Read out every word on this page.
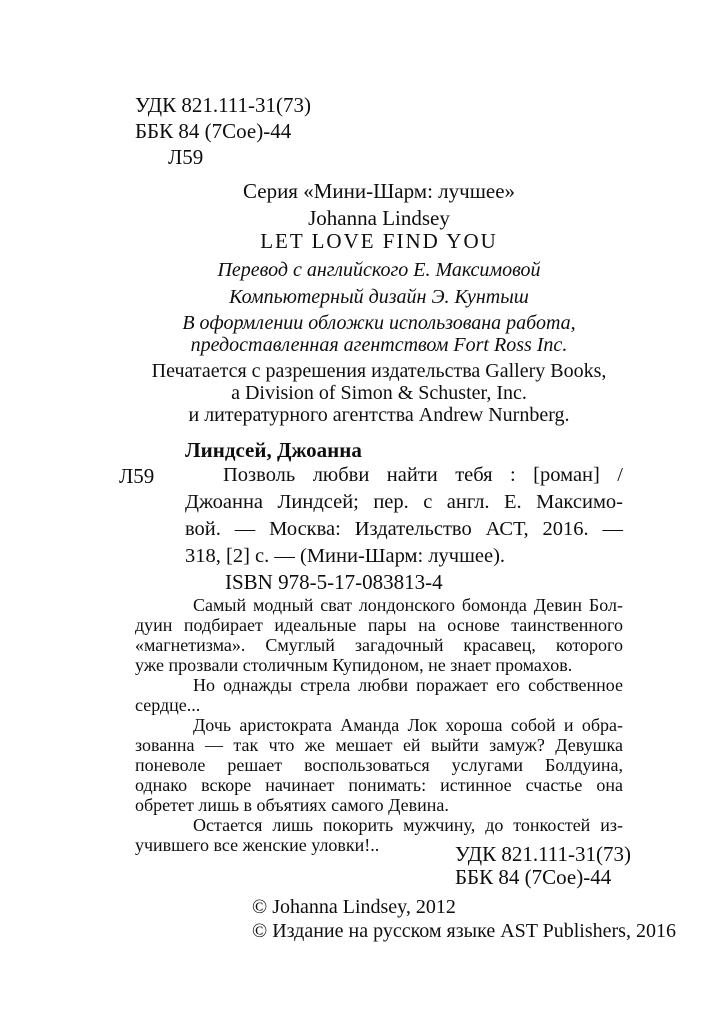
УДК 821.111-31(73)
ББК 84 (7Сое)-44
Л59
Серия «Мини-Шарм: лучшее»
Johanna Lindsey
LET LOVE FIND YOU
Перевод с английского Е. Максимовой
Компьютерный дизайн Э. Кунтыш
В оформлении обложки использована работа,
предоставленная агентством Fort Ross Inc.
Печатается с разрешения издательства Gallery Books,
a Division of Simon & Schuster, Inc.
и литературного агентства Andrew Nurnberg.
Линдсей, Джоанна
Л59	Позволь любви найти тебя : [роман] /
Джоанна Линдсей; пер. с англ. Е. Максимо-
вой. — Москва: Издательство АСТ, 2016. —
318, [2] с. — (Мини-Шарм: лучшее).
ISBN 978-5-17-083813-4
Самый модный сват лондонского бомонда Девин Бол-
дуин подбирает идеальные пары на основе таинственного
«магнетизма». Смуглый загадочный красавец, которого
уже прозвали столичным Купидоном, не знает промахов.
Но однажды стрела любви поражает его собственное
сердце...
Дочь аристократа Аманда Лок хороша собой и обра-
зованна — так что же мешает ей выйти замуж? Девушка
поневоле решает воспользоваться услугами Болдуина,
однако вскоре начинает понимать: истинное счастье она
обретет лишь в объятиях самого Девина.
Остается лишь покорить мужчину, до тонкостей из-
учившего все женские уловки!..	УДК 821.111-31(73)
ББК 84 (7Сое)-44
© Johanna Lindsey, 2012
© Издание на русском языке AST Publishers, 2016
